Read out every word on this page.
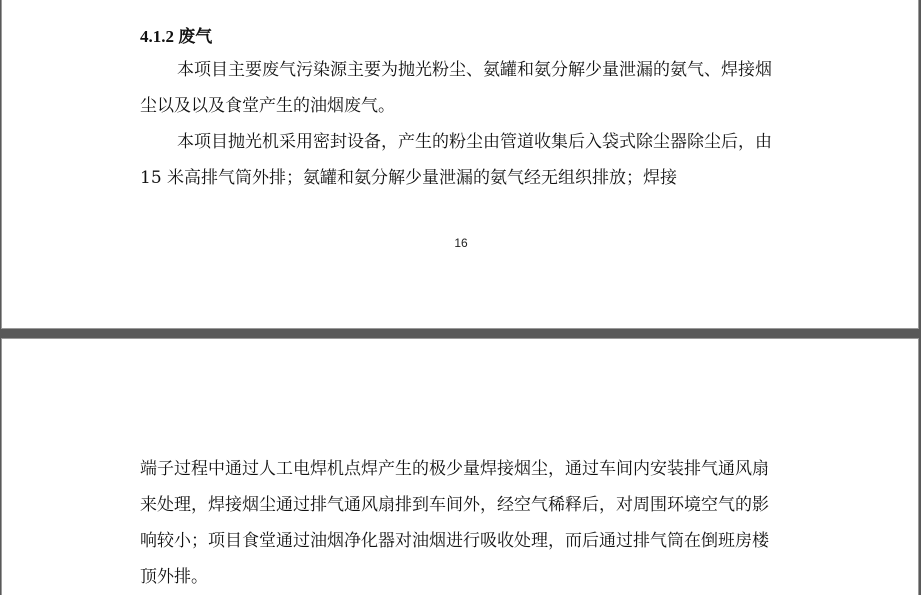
4.1.2 废气

本项目主要废气污染源主要为抛光粉尘、氨罐和氨分解少量泄漏的氨气、焊接烟尘以及以及食堂产生的油烟废气。

本项目抛光机采用密封设备，产生的粉尘由管道收集后入袋式除尘器除尘后，由 15 米高排气筒外排；氨罐和氨分解少量泄漏的氨气经无组织排放；焊接

16

端子过程中通过人工电焊机点焊产生的极少量焊接烟尘，通过车间内安装排气通风扇来处理，焊接烟尘通过排气通风扇排到车间外，经空气稀释后，对周围环境空气的影响较小；项目食堂通过油烟净化器对油烟进行吸收处理，而后通过排气筒在倒班房楼顶外排。
